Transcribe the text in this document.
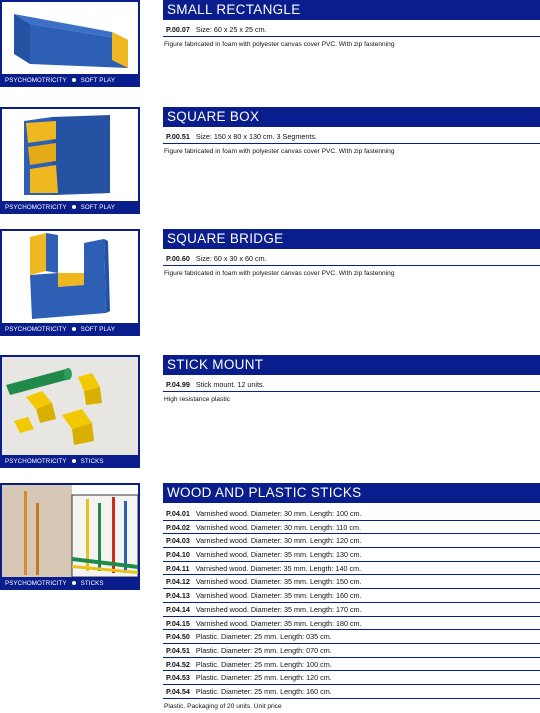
PSYCHOMOTRICITY SOFT PLAY
SMALL RECTANGLE
P.00.07 Size: 60 x 25 x 25 cm.
Figure fabricated in foam with polyester canvas cover PVC. With zip fastenning
PSYCHOMOTRICITY SOFT PLAY
SQUARE BOX
P.00.51 Size: 150 x 80 x 130 cm. 3 Segments.
Figure fabricated in foam with polyester canvas cover PVC. With zip fastenning
PSYCHOMOTRICITY SOFT PLAY
SQUARE BRIDGE
P.00.60 Size: 60 x 30 x 60 cm.
Figure fabricated in foam with polyester canvas cover PVC. With zip fastenning
PSYCHOMOTRICITY STICKS
STICK MOUNT
P.04.99 Stick mount. 12 units.
High resistance plastic
PSYCHOMOTRICITY STICKS
WOOD AND PLASTIC STICKS
P.04.01 Varnished wood. Diameter: 30 mm. Length: 100 cm.
P.04.02 Varnished wood. Diameter: 30 mm. Length: 110 cm.
P.04.03 Varnished wood. Diameter: 30 mm. Length: 120 cm.
P.04.10 Varnished wood. Diameter: 35 mm. Length: 130 cm.
P.04.11 Varnished wood. Diameter: 35 mm. Length: 140 cm.
P.04.12 Varnished wood. Diameter: 35 mm. Length: 150 cm.
P.04.13 Varnished wood. Diameter: 35 mm. Length: 160 cm.
P.04.14 Varnished wood. Diameter: 35 mm. Length: 170 cm.
P.04.15 Varnished wood. Diameter: 35 mm. Length: 180 cm.
P.04.50 Plastic. Diameter: 25 mm. Length: 035 cm.
P.04.51 Plastic. Diameter: 25 mm. Length: 070 cm.
P.04.52 Plastic. Diameter: 25 mm. Length: 100 cm.
P.04.53 Plastic. Diameter: 25 mm. Length: 120 cm.
P.04.54 Plastic. Diameter: 25 mm. Length: 160 cm.
Plastic. Packaging of 20 units. Unit price
